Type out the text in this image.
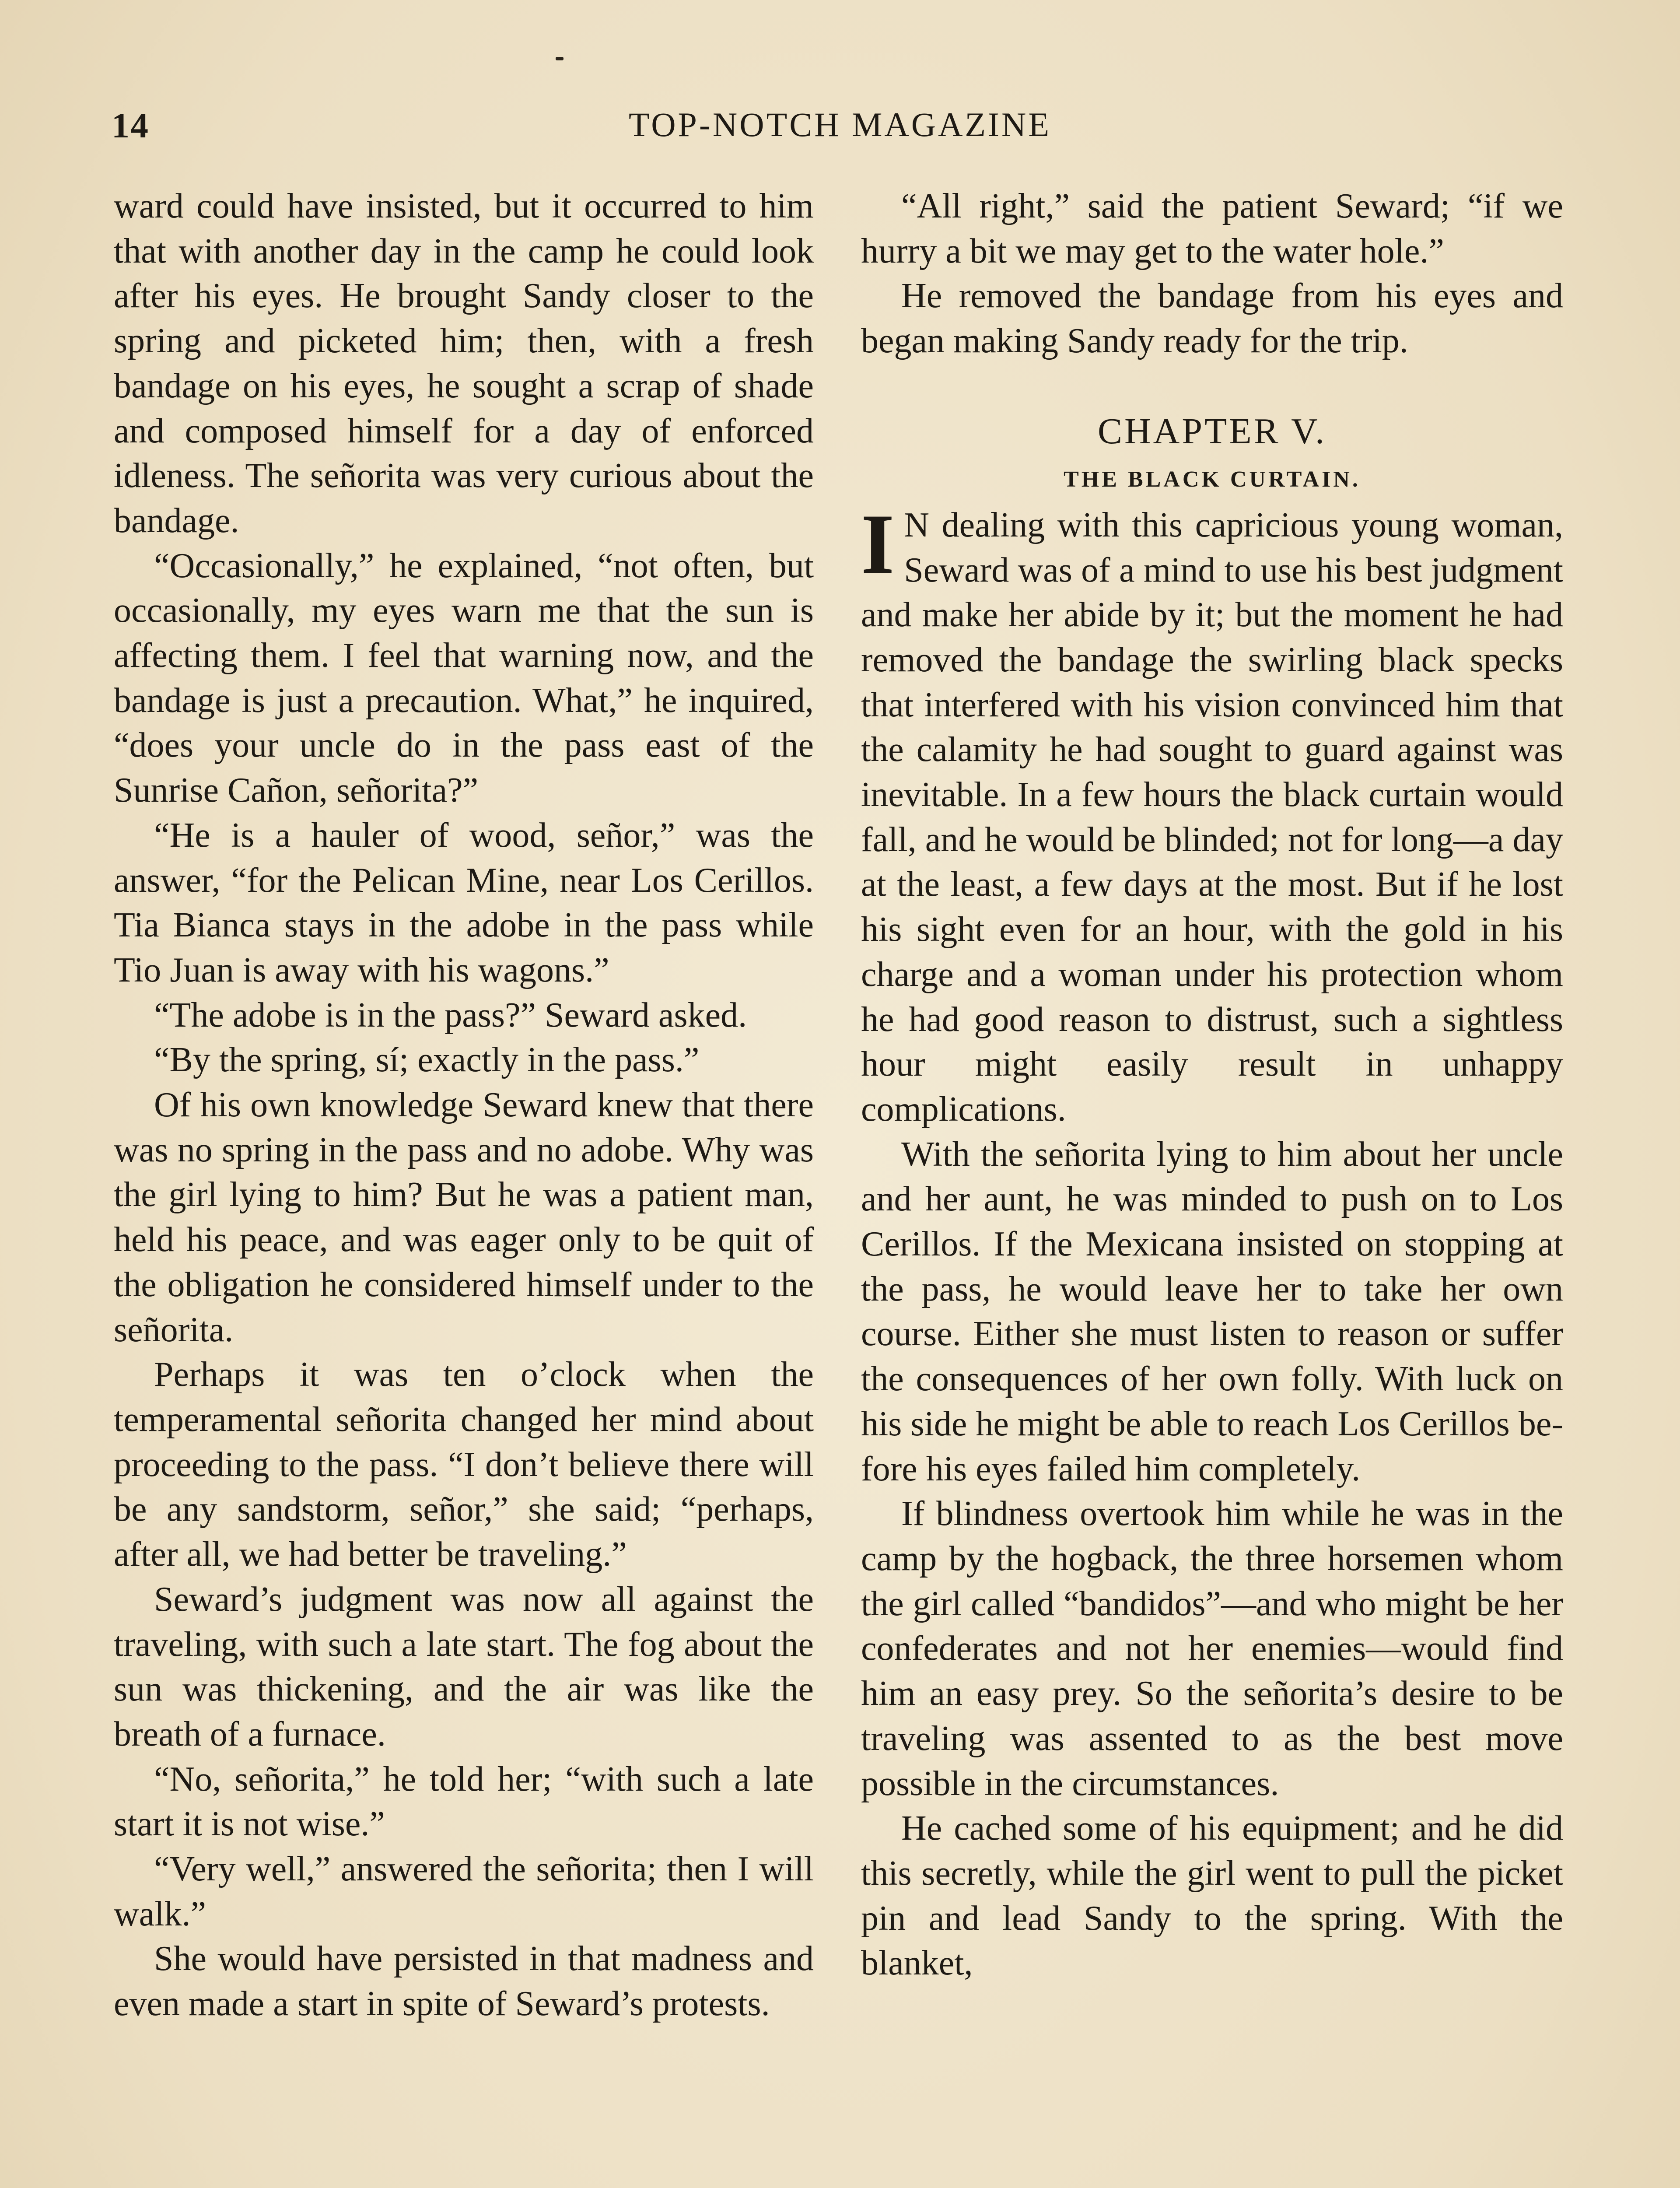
14	TOP-NOTCH MAGAZINE

ward could have insisted, but it occurred to him that with another day in the camp he could look after his eyes. He brought Sandy closer to the spring and picketed him; then, with a fresh bandage on his eyes, he sought a scrap of shade and composed himself for a day of enforced idleness. The señorita was very curious about the bandage.

“Occasionally,” he explained, “not often, but occasionally, my eyes warn me that the sun is affecting them. I feel that warning now, and the bandage is just a precaution. What,” he inquired, “does your uncle do in the pass east of the Sunrise Cañon, señorita?”

“He is a hauler of wood, señor,” was the answer, “for the Pelican Mine, near Los Cerillos. Tia Bianca stays in the adobe in the pass while Tio Juan is away with his wagons.”

“The adobe is in the pass?” Seward asked.

“By the spring, sí; exactly in the pass.”

Of his own knowledge Seward knew that there was no spring in the pass and no adobe. Why was the girl lying to him? But he was a patient man, held his peace, and was eager only to be quit of the obligation he considered himself under to the señorita.

Perhaps it was ten o’clock when the temperamental señorita changed her mind about proceeding to the pass. “I don’t believe there will be any sandstorm, señor,” she said; “perhaps, after all, we had better be traveling.”

Seward’s judgment was now all against the traveling, with such a late start. The fog about the sun was thickening, and the air was like the breath of a furnace.

“No, señorita,” he told her; “with such a late start it is not wise.”

“Very well,” answered the señorita; then I will walk.”

She would have persisted in that madness and even made a start in spite of Seward’s protests.

“All right,” said the patient Seward; “if we hurry a bit we may get to the water hole.”

He removed the bandage from his eyes and began making Sandy ready for the trip.

CHAPTER V.
THE BLACK CURTAIN.

I N dealing with this capricious young woman, Seward was of a mind to use his best judgment and make her abide by it; but the moment he had removed the bandage the swirling black specks that interfered with his vision convinced him that the calamity he had sought to guard against was inevitable. In a few hours the black curtain would fall, and he would be blinded; not for long—a day at the least, a few days at the most. But if he lost his sight even for an hour, with the gold in his charge and a woman under his protection whom he had good reason to distrust, such a sightless hour might easily result in unhappy complications.

With the señorita lying to him about her uncle and her aunt, he was minded to push on to Los Cerillos. If the Mexicana insisted on stopping at the pass, he would leave her to take her own course. Either she must listen to reason or suffer the consequences of her own folly. With luck on his side he might be able to reach Los Cerillos before his eyes failed him completely.

If blindness overtook him while he was in the camp by the hogback, the three horsemen whom the girl called “bandidos”—and who might be her confederates and not her enemies—would find him an easy prey. So the señorita’s desire to be traveling was assented to as the best move possible in the circumstances.

He cached some of his equipment; and he did this secretly, while the girl went to pull the picket pin and lead Sandy to the spring. With the blanket,
